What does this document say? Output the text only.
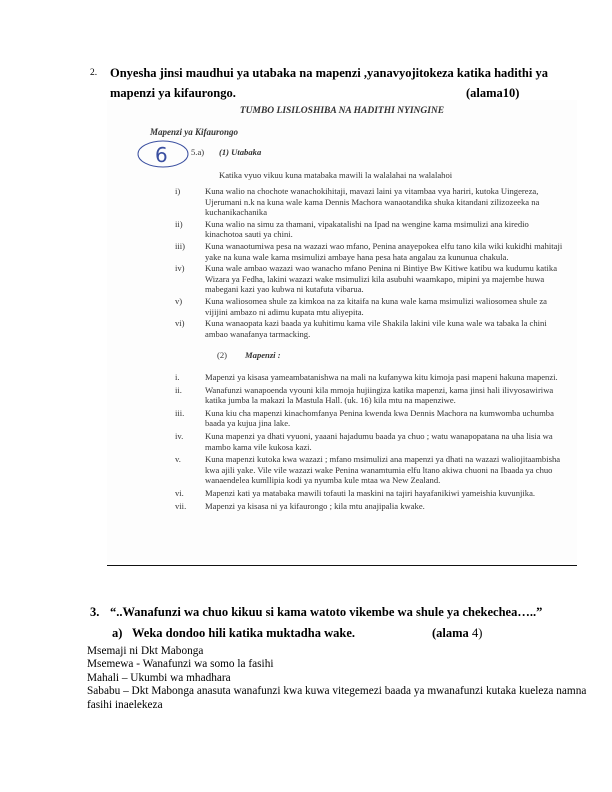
2. Onyesha jinsi maudhui ya utabaka na mapenzi ,yanavyojitokeza katika hadithi ya
mapenzi ya kifaurongo.	(alama10)
TUMBO LISILOSHIBA NA HADITHI NYINGINE
Mapenzi ya Kifaurongo
6	5.a) (1) Utabaka
Katika vyuo vikuu kuna matabaka mawili la walalahai na walalahoi
i)	Kuna walio na chochote wanachokihitaji, mavazi laini ya vitambaa vya hariri, kutoka Uingereza, Ujerumani n.k na kuna wale kama Dennis Machora wanaotandika shuka kitandani zilizozeeka na kuchanikachanika
ii)	Kuna walio na simu za thamani, vipakatalishi na Ipad na wengine kama msimulizi ana kiredio kinachotoa sauti ya chini.
iii) Kuna wanaotumiwa pesa na wazazi wao mfano, Penina anayepokea elfu tano kila wiki kukidhi mahitaji yake na kuna wale kama msimulizi ambaye hana pesa hata angalau za kununua chakula.
iv) Kuna wale ambao wazazi wao wanacho mfano Penina ni Bintiye Bw Kitiwe katibu wa kudumu katika Wizara ya Fedha, lakini wazazi wake msimulizi kila asubuhi waamkapo, mipini ya majembe huwa mabegani kazi yao kubwa ni kutafuta vibarua.
v)	Kuna waliosomea shule za kimkoa na za kitaifa na kuna wale kama msimulizi waliosomea shule za vijijini ambazo ni adimu kupata mtu aliyepita.
vi) Kuna wanaopata kazi baada ya kuhitimu kama vile Shakila lakini vile kuna wale wa tabaka la chini ambao wanafanya tarmacking.
(2) Mapenzi :
i.	Mapenzi ya kisasa yameambatanishwa na mali na kufanywa kitu kimoja pasi mapeni hakuna mapenzi.
ii.	Wanafunzi wanapoenda vyouni kila mmoja hujiingiza katika mapenzi, kama jinsi hali ilivyosawiriwa katika jumba la makazi la Mastula Hall. (uk. 16) kila mtu na mapenziwe.
iii. Kuna kiu cha mapenzi kinachomfanya Penina kwenda kwa Dennis Machora na kumwomba uchumba baada ya kujua jina lake.
iv.	Kuna mapenzi ya dhati vyuoni, yaaani hajadumu baada ya chuo ; watu wanapopatana na uha lisia wa mambo kama vile kukosa kazi.
v.	Kuna mapenzi kutoka kwa wazazi ; mfano msimulizi ana mapenzi ya dhati na wazazi waliojitaambisha kwa ajili yake. Vile vile wazazi wake Penina wanamtumia elfu ltano akiwa chuoni na Ibaada ya chuo wanaendelea kumllipia kodi ya nyumba kule mtaa wa New Zealand.
vi. Mapenzi kati ya matabaka mawili tofauti la maskini na tajiri hayafanikiwi yameishia kuvunjika.
vii. Mapenzi ya kisasa ni ya kifaurongo ; kila mtu anajipalia kwake.
3. “..Wanafunzi wa chuo kikuu si kama watoto vikembe wa shule ya chekechea…..”
a) Weka dondoo hili katika muktadha wake.	(alama 4)
Msemaji ni Dkt Mabonga
Msemewa - Wanafunzi wa somo la fasihi
Mahali – Ukumbi wa mhadhara
Sababu – Dkt Mabonga anasuta wanafunzi kwa kuwa vitegemezi baada ya mwanafunzi kutaka kueleza namna fasihi inaelekeza
